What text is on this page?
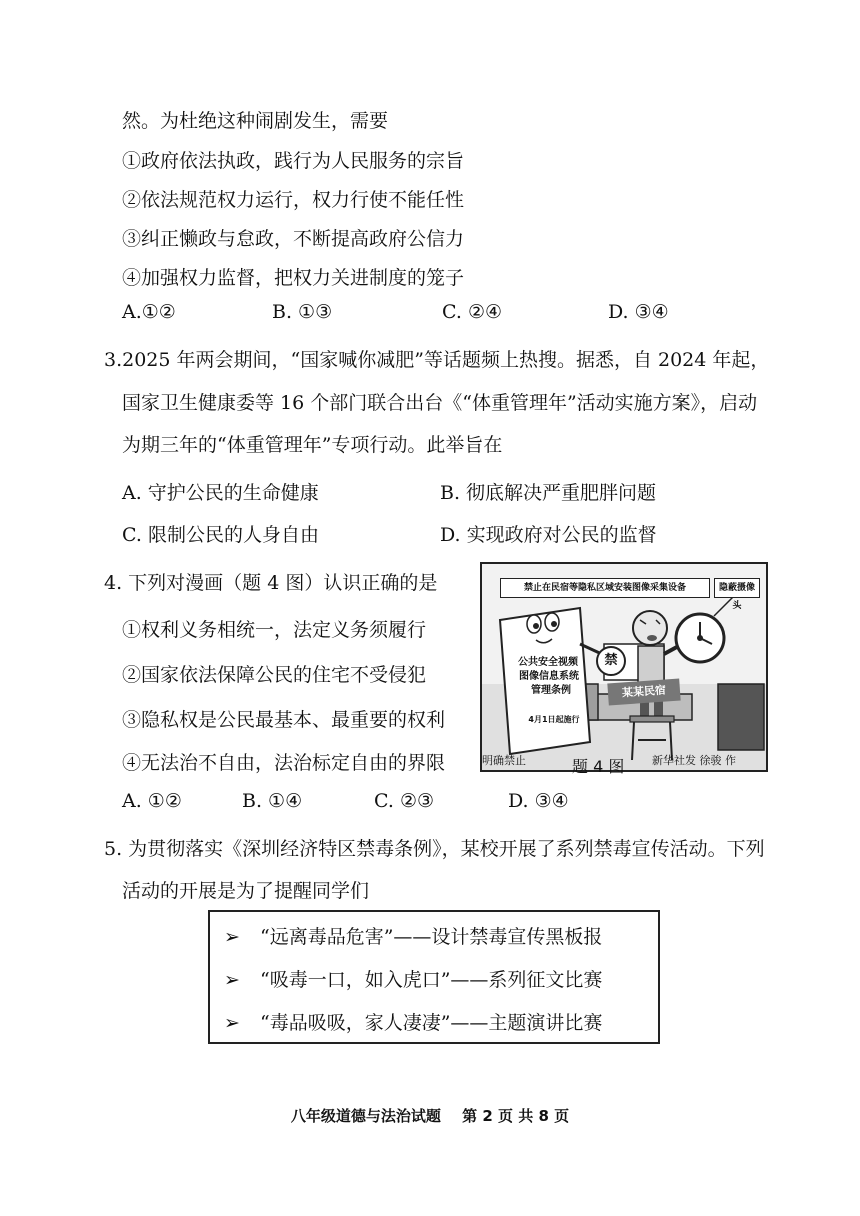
然。为杜绝这种闹剧发生，需要
①政府依法执政，践行为人民服务的宗旨
②依法规范权力运行，权力行使不能任性
③纠正懒政与怠政，不断提高政府公信力
④加强权力监督，把权力关进制度的笼子
A.①②	B. ①③	C. ②④	D. ③④
3.2025 年两会期间，“国家喊你减肥”等话题频上热搜。据悉，自 2024 年起，
国家卫生健康委等 16 个部门联合出台《“体重管理年”活动实施方案》，启动
为期三年的“体重管理年”专项行动。此举旨在
A. 守护公民的生命健康	B. 彻底解决严重肥胖问题
C. 限制公民的人身自由	D. 实现政府对公民的监督
4. 下列对漫画（题 4 图）认识正确的是
①权利义务相统一，法定义务须履行
②国家依法保障公民的住宅不受侵犯
③隐私权是公民最基本、最重要的权利
④无法治不自由，法治标定自由的界限
A. ①②	B. ①④	C. ②③	D. ③④
禁止在民宿等隐私区域安装图像采集设备	隐蔽摄像头
公共安全视频
图像信息系统
管理条例
4月1日起施行
禁
某某民宿
明确禁止	题 4 图	新华社发 徐骏 作
5. 为贯彻落实《深圳经济特区禁毒条例》，某校开展了系列禁毒宣传活动。下列
活动的开展是为了提醒同学们
➢ “远离毒品危害”——设计禁毒宣传黑板报
➢ “吸毒一口，如入虎口”——系列征文比赛
➢ “毒品吸吸，家人凄凄”——主题演讲比赛
八年级道德与法治试题 第 2 页 共 8 页
